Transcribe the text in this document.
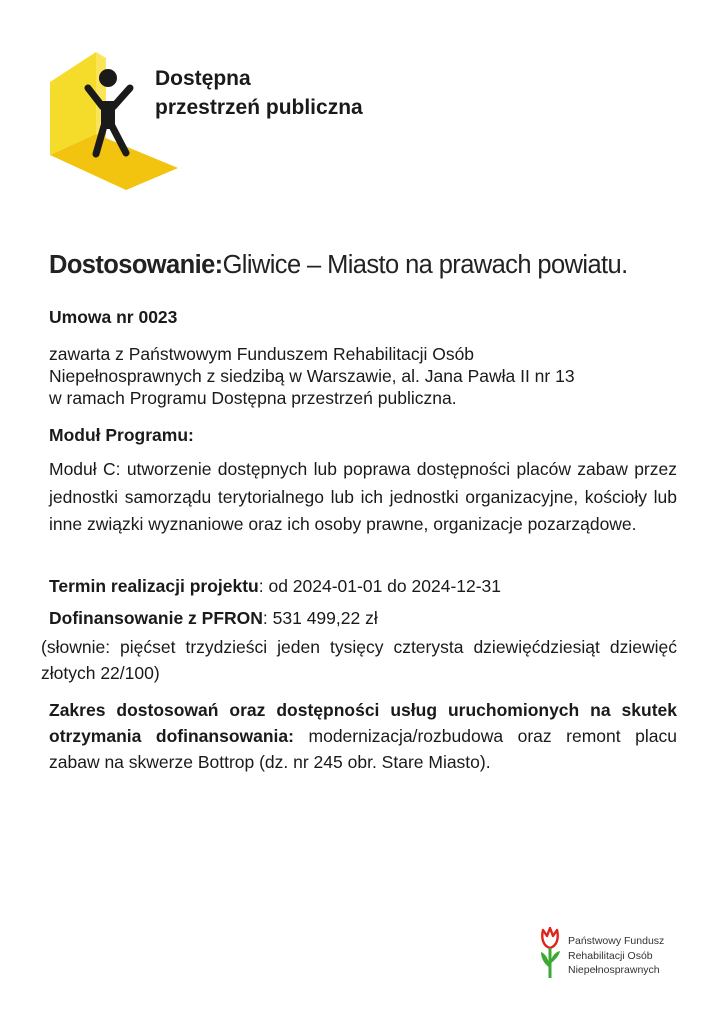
Dostępna
przestrzeń publiczna
Dostosowanie:Gliwice – Miasto na prawach powiatu.
Umowa nr 0023
zawarta z Państwowym Funduszem Rehabilitacji Osób
Niepełnosprawnych z siedzibą w Warszawie, al. Jana Pawła II nr 13
w ramach Programu Dostępna przestrzeń publiczna.
Moduł Programu:
Moduł C: utworzenie dostępnych lub poprawa dostępności placów zabaw przez jednostki samorządu terytorialnego lub ich jednostki organizacyjne, kościoły lub inne związki wyznaniowe oraz ich osoby prawne, organizacje pozarządowe.
Termin realizacji projektu: od 2024-01-01 do 2024-12-31
Dofinansowanie z PFRON: 531 499,22 zł
(słownie: pięćset trzydzieści jeden tysięcy czterysta dziewięćdziesiąt dziewięć złotych 22/100)
Zakres dostosowań oraz dostępności usług uruchomionych na skutek otrzymania dofinansowania: modernizacja/rozbudowa oraz remont placu zabaw na skwerze Bottrop (dz. nr 245 obr. Stare Miasto).
Państwowy Fundusz
Rehabilitacji Osób
Niepełnosprawnych
